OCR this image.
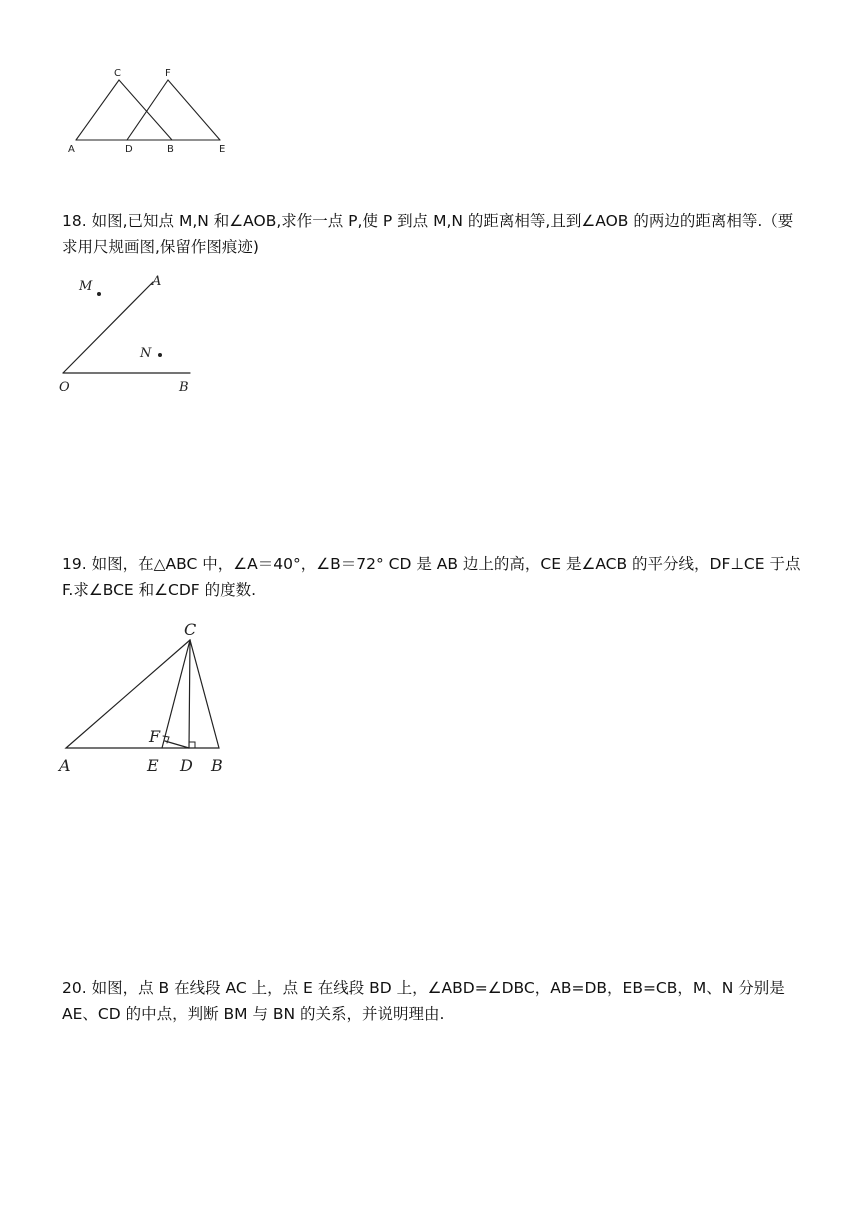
C	F
A	D	B	E

18. 如图,已知点 M,N 和∠AOB,求作一点 P,使 P 到点 M,N 的距离相等,且到∠AOB 的两边的距离相等.（要求用尺规画图,保留作图痕迹)

M	A
N
O	B

19. 如图，在△ABC 中，∠A＝40°，∠B＝72° CD 是 AB 边上的高，CE 是∠ACB 的平分线，DF⊥CE 于点 F.求∠BCE 和∠CDF 的度数.

C
F
A	E D B

20. 如图，点 B 在线段 AC 上，点 E 在线段 BD 上，∠ABD=∠DBC，AB=DB，EB=CB，M、N 分别是 AE、CD 的中点，判断 BM 与 BN 的关系，并说明理由.
